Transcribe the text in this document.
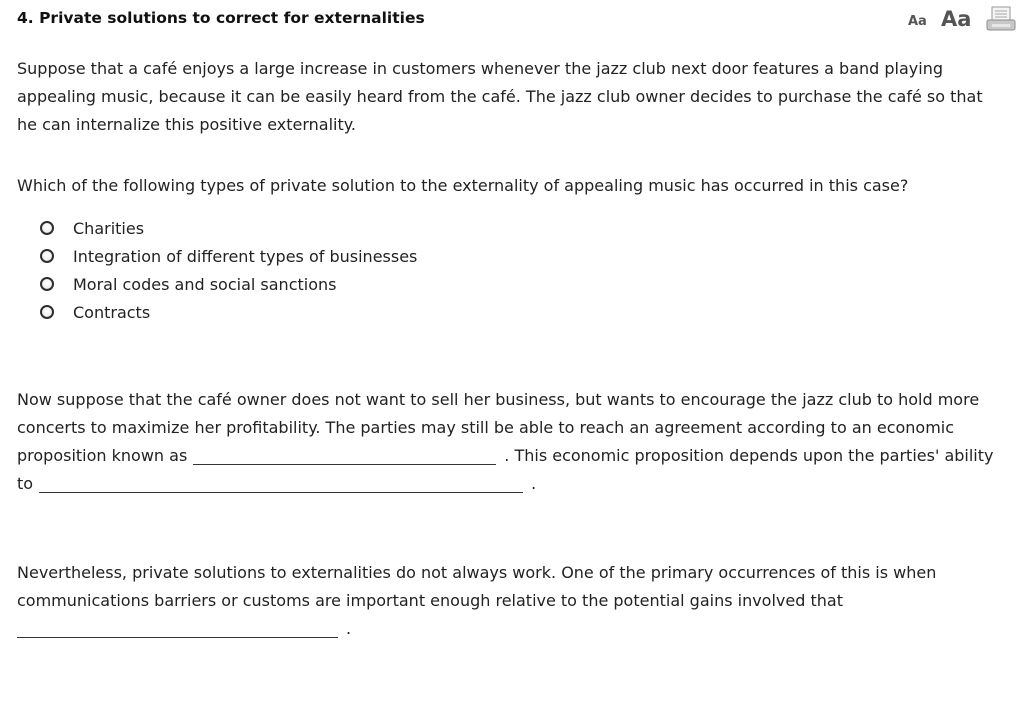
4. Private solutions to correct for externalities	Aa Aa
Suppose that a café enjoys a large increase in customers whenever the jazz club next door features a band playing appealing music, because it can be easily heard from the café. The jazz club owner decides to purchase the café so that he can internalize this positive externality.
Which of the following types of private solution to the externality of appealing music has occurred in this case?
Charities
Integration of different types of businesses
Moral codes and social sanctions
Contracts
Now suppose that the café owner does not want to sell her business, but wants to encourage the jazz club to hold more concerts to maximize her profitability. The parties may still be able to reach an agreement according to an economic proposition known as	. This economic proposition depends upon the parties' ability to	.
Nevertheless, private solutions to externalities do not always work. One of the primary occurrences of this is when communications barriers or customs are important enough relative to the potential gains involved that
.
